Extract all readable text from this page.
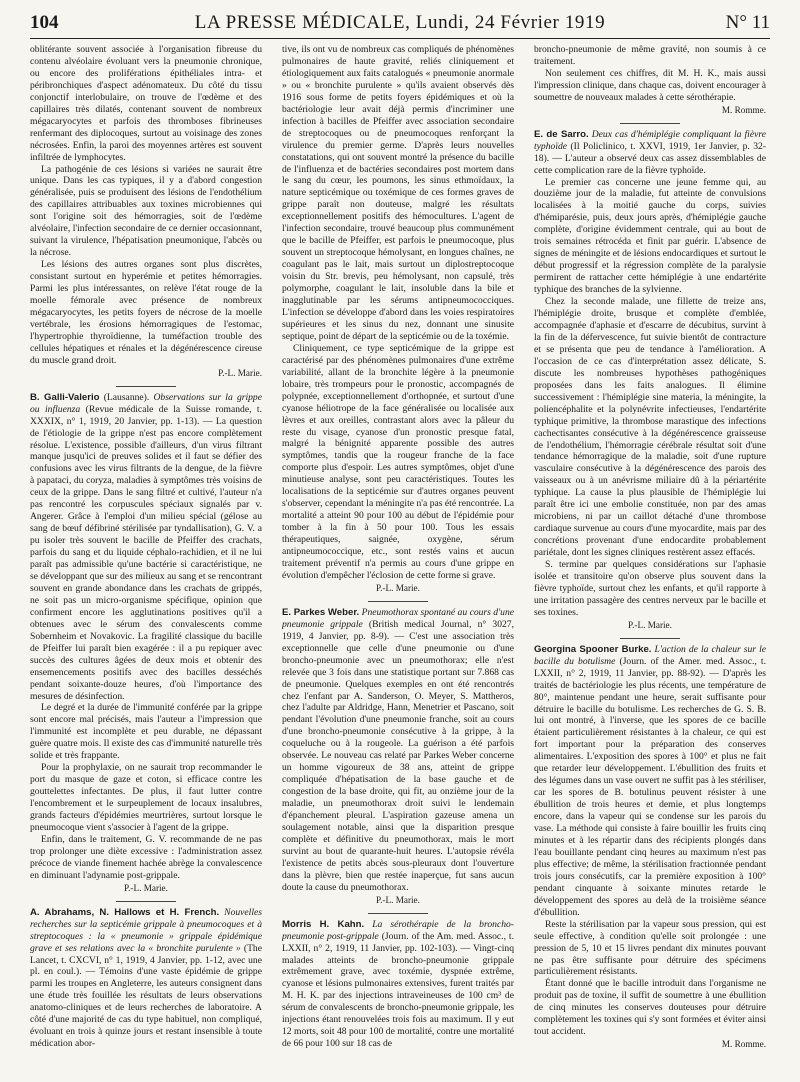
104	LA PRESSE MÉDICALE, Lundi, 24 Février 1919	N° 11

oblitérante souvent associée à l'organisation fibreuse du contenu alvéolaire évoluant vers la pneumonie chronique, ou encore des proliférations épithéliales intra- et péribronchiques d'aspect adénomateux. Du côté du tissu conjonctif interlobulaire, on trouve de l'œdème et des capillaires très dilatés, contenant souvent de nombreux mégacaryocytes et parfois des thromboses fibrineuses renfermant des diplocoques, surtout au voisinage des zones nécrosées. Enfin, la paroi des moyennes artères est souvent infiltrée de lymphocytes.

La pathogénie de ces lésions si variées ne saurait être unique. Dans les cas typiques, il y a d'abord congestion généralisée, puis se produisent des lésions de l'endothélium des capillaires attribuables aux toxines microbiennes qui sont l'origine soit des hémorragies, soit de l'œdème alvéolaire, l'infection secondaire de ce dernier occasionnant, suivant la virulence, l'hépatisation pneumonique, l'abcès ou la nécrose.

Les lésions des autres organes sont plus discrètes, consistant surtout en hyperémie et petites hémorragies. Parmi les plus intéressantes, on relève l'état rouge de la moelle fémorale avec présence de nombreux mégacaryocytes, les petits foyers de nécrose de la moelle vertébrale, les érosions hémorragiques de l'estomac, l'hypertrophie thyroïdienne, la tuméfaction trouble des cellules hépatiques et rénales et la dégénérescence cireuse du muscle grand droit.

P.-L. Marie.

B. Galli-Valerio (Lausanne). Observations sur la grippe ou influenza (Revue médicale de la Suisse romande, t. XXXIX, n° 1, 1919, 20 Janvier, pp. 1-13). — La question de l'étiologie de la grippe n'est pas encore complètement résolue. L'existence, possible d'ailleurs, d'un virus filtrant manque jusqu'ici de preuves solides et il faut se défier des confusions avec les virus filtrants de la dengue, de la fièvre à papataci, du coryza, maladies à symptômes très voisins de ceux de la grippe. Dans le sang filtré et cultivé, l'auteur n'a pas rencontré les corpuscules spéciaux signalés par v. Angerer. Grâce à l'emploi d'un milieu spécial (gélose au sang de bœuf défibriné stérilisée par tyndallisation), G. V. a pu isoler très souvent le bacille de Pfeiffer des crachats, parfois du sang et du liquide céphalo-rachidien, et il ne lui paraît pas admissible qu'une bactérie si caractéristique, ne se développant que sur des milieux au sang et se rencontrant souvent en grande abondance dans les crachats de grippés, ne soit pas un micro-organisme spécifique, opinion que confirment encore les agglutinations positives qu'il a obtenues avec le sérum des convalescents comme Sobernheim et Novakovic. La fragilité classique du bacille de Pfeiffer lui paraît bien exagérée : il a pu repiquer avec succès des cultures âgées de deux mois et obtenir des ensemencements positifs avec des bacilles desséchés pendant soixante-douze heures, d'où l'importance des mesures de désinfection.

Le degré et la durée de l'immunité conférée par la grippe sont encore mal précisés, mais l'auteur a l'impression que l'immunité est incomplète et peu durable, ne dépassant guère quatre mois. Il existe des cas d'immunité naturelle très solide et très frappante.

Pour la prophylaxie, on ne saurait trop recommander le port du masque de gaze et coton, si efficace contre les gouttelettes infectantes. De plus, il faut lutter contre l'encombrement et le surpeuplement de locaux insalubres, grands facteurs d'épidémies meurtrières, surtout lorsque le pneumocoque vient s'associer à l'agent de la grippe.

Enfin, dans le traitement, G. V. recommande de ne pas trop prolonger une diète excessive : l'administration assez précoce de viande finement hachée abrège la convalescence en diminuant l'adynamie post-grippale.

P.-L. Marie.

A. Abrahams, N. Hallows et H. French. Nouvelles recherches sur la septicémie grippale à pneumocoques et à streptocoques : la « pneumonie » grippale épidémique grave et ses relations avec la « bronchite purulente » (The Lancet, t. CXCVI, n° 1, 1919, 4 Janvier, pp. 1-12, avec une pl. en coul.). — Témoins d'une vaste épidémie de grippe parmi les troupes en Angleterre, les auteurs consignent dans une étude très fouillée les résultats de leurs observations anatomo-cliniques et de leurs recherches de laboratoire. A côté d'une majorité de cas du type habituel, non compliqué, évoluant en trois à quinze jours et restant insensible à toute médication abor-

tive, ils ont vu de nombreux cas compliqués de phénomènes pulmonaires de haute gravité, reliés cliniquement et étiologiquement aux faits catalogués « pneumonie anormale » ou « bronchite purulente » qu'ils avaient observés dès 1916 sous forme de petits foyers épidémiques et où la bactériologie leur avait déjà permis d'incriminer une infection à bacilles de Pfeiffer avec association secondaire de streptocoques ou de pneumocoques renforçant la virulence du premier germe. D'après leurs nouvelles constatations, qui ont souvent montré la présence du bacille de l'influenza et de bactéries secondaires post mortem dans le sang du cœur, les poumons, les sinus ethmoïdaux, la nature septicémique ou toxémique de ces formes graves de grippe paraît non douteuse, malgré les résultats exceptionnellement positifs des hémocultures. L'agent de l'infection secondaire, trouvé beaucoup plus communément que le bacille de Pfeiffer, est parfois le pneumocoque, plus souvent un streptocoque hémolysant, en longues chaînes, ne coagulant pas le lait, mais surtout un diplostreptocoque voisin du Str. brevis, peu hémolysant, non capsulé, très polymorphe, coagulant le lait, insoluble dans la bile et inagglutinable par les sérums antipneumococciques. L'infection se développe d'abord dans les voies respiratoires supérieures et les sinus du nez, donnant une sinusite septique, point de départ de la septicémie ou de la toxémie.

Cliniquement, ce type septicémique de la grippe est caractérisé par des phénomènes pulmonaires d'une extrême variabilité, allant de la bronchite légère à la pneumonie lobaire, très trompeurs pour le pronostic, accompagnés de polypnée, exceptionnellement d'orthopnée, et surtout d'une cyanose héliotrope de la face généralisée ou localisée aux lèvres et aux oreilles, contrastant alors avec la pâleur du reste du visage, cyanose d'un pronostic presque fatal, malgré la bénignité apparente possible des autres symptômes, tandis que la rougeur franche de la face comporte plus d'espoir. Les autres symptômes, objet d'une minutieuse analyse, sont peu caractéristiques. Toutes les localisations de la septicémie sur d'autres organes peuvent s'observer, cependant la méningite n'a pas été rencontrée. La mortalité a atteint 90 pour 100 au début de l'épidémie pour tomber à la fin à 50 pour 100. Tous les essais thérapeutiques, saignée, oxygène, sérum antipneumococcique, etc., sont restés vains et aucun traitement préventif n'a permis au cours d'une grippe en évolution d'empêcher l'éclosion de cette forme si grave.

P.-L. Marie.

E. Parkes Weber. Pneumothorax spontané au cours d'une pneumonie grippale (British medical Journal, n° 3027, 1919, 4 Janvier, pp. 8-9). — C'est une association très exceptionnelle que celle d'une pneumonie ou d'une broncho-pneumonie avec un pneumothorax; elle n'est relevée que 3 fois dans une statistique portant sur 7.868 cas de pneumonie. Quelques exemples en ont été rencontrés chez l'enfant par A. Sanderson, O. Meyer, S. Mattheros, chez l'adulte par Aldridge, Hann, Menetrier et Pascano, soit pendant l'évolution d'une pneumonie franche, soit au cours d'une broncho-pneumonie consécutive à la grippe, à la coqueluche ou à la rougeole. La guérison a été parfois observée. Le nouveau cas relaté par Parkes Weber concerne un homme vigoureux de 38 ans, atteint de grippe compliquée d'hépatisation de la base gauche et de congestion de la base droite, qui fit, au onzième jour de la maladie, un pneumothorax droit suivi le lendemain d'épanchement pleural. L'aspiration gazeuse amena un soulagement notable, ainsi que la disparition presque complète et définitive du pneumothorax, mais le mort survint au bout de quarante-huit heures. L'autopsie révéla l'existence de petits abcès sous-pleuraux dont l'ouverture dans la plèvre, bien que restée inaperçue, fut sans aucun doute la cause du pneumothorax.

P.-L. Marie.

Morris H. Kahn. La sérothérapie de la broncho-pneumonie post-grippale (Journ. of the Am. med. Assoc., t. LXXII, n° 2, 1919, 11 Janvier, pp. 102-103). — Vingt-cinq malades atteints de broncho-pneumonie grippale extrêmement grave, avec toxémie, dyspnée extrême, cyanose et lésions pulmonaires extensives, furent traités par M. H. K. par des injections intraveineuses de 100 cm³ de sérum de convalescents de broncho-pneumonie grippale, les injections étant renouvelées trois fois au maximum. Il y eut 12 morts, soit 48 pour 100 de mortalité, contre une mortalité de 66 pour 100 sur 18 cas de

broncho-pneumonie de même gravité, non soumis à ce traitement.

Non seulement ces chiffres, dit M. H. K., mais aussi l'impression clinique, dans chaque cas, doivent encourager à soumettre de nouveaux malades à cette sérothérapie.

M. Romme.

E. de Sarro. Deux cas d'hémiplégie compliquant la fièvre typhoïde (Il Policlinico, t. XXVI, 1919, 1er Janvier, p. 32-18). — L'auteur a observé deux cas assez dissemblables de cette complication rare de la fièvre typhoïde.

Le premier cas concerne une jeune femme qui, au douzième jour de la maladie, fut atteinte de convulsions localisées à la moitié gauche du corps, suivies d'hémiparésie, puis, deux jours après, d'hémiplégie gauche complète, d'origine évidemment centrale, qui au bout de trois semaines rétrocéda et finit par guérir. L'absence de signes de méningite et de lésions endocardiques et surtout le début progressif et la régression complète de la paralysie permirent de rattacher cette hémiplégie à une endartérite typhique des branches de la sylvienne.

Chez la seconde malade, une fillette de treize ans, l'hémiplégie droite, brusque et complète d'emblée, accompagnée d'aphasie et d'escarre de décubitus, survint à la fin de la défervescence, fut suivie bientôt de contracture et se présenta que peu de tendance à l'amélioration. A l'occasion de ce cas d'interprétation assez délicate, S. discute les nombreuses hypothèses pathogéniques proposées dans les faits analogues. Il élimine successivement : l'hémiplégie sine materia, la méningite, la poliencéphalite et la polynévrite infectieuses, l'endartérite typhique primitive, la thrombose marastique des infections cachectisantes consécutive à la dégénérescence graisseuse de l'endothélium, l'hémorragie cérébrale résultat soit d'une tendance hémorragique de la maladie, soit d'une rupture vasculaire consécutive à la dégénérescence des parois des vaisseaux ou à un anévrisme miliaire dû à la périartérite typhique. La cause la plus plausible de l'hémiplégie lui paraît être ici une embolie constituée, non par des amas microbiens, ni par un caillot détaché d'une thrombose cardiaque survenue au cours d'une myocardite, mais par des concrétions provenant d'une endocardite probablement pariétale, dont les signes cliniques restèrent assez effacés.

S. termine par quelques considérations sur l'aphasie isolée et transitoire qu'on observe plus souvent dans la fièvre typhoïde, surtout chez les enfants, et qu'il rapporte à une irritation passagère des centres nerveux par le bacille et ses toxines.

P.-L. Marie.

Georgina Spooner Burke. L'action de la chaleur sur le bacille du botulisme (Journ. of the Amer. med. Assoc., t. LXXII, n° 2, 1919, 11 Janvier, pp. 88-92). — D'après les traités de bactériologie les plus récents, une température de 80°, maintenue pendant une heure, serait suffisante pour détruire le bacille du botulisme. Les recherches de G. S. B. lui ont montré, à l'inverse, que les spores de ce bacille étaient particulièrement résistantes à la chaleur, ce qui est fort important pour la préparation des conserves alimentaires. L'exposition des spores à 100° et plus ne fait que retarder leur développement. L'ébullition des fruits et des légumes dans un vase ouvert ne suffit pas à les stériliser, car les spores de B. botulinus peuvent résister à une ébullition de trois heures et demie, et plus longtemps encore, dans la vapeur qui se condense sur les parois du vase. La méthode qui consiste à faire bouillir les fruits cinq minutes et à les répartir dans des récipients plongés dans l'eau bouillante pendant cinq heures au maximum n'est pas plus effective; de même, la stérilisation fractionnée pendant trois jours consécutifs, car la première exposition à 100° pendant cinquante à soixante minutes retarde le développement des spores au delà de la troisième séance d'ébullition.

Reste la stérilisation par la vapeur sous pression, qui est seule effective, à condition qu'elle soit prolongée : une pression de 5, 10 et 15 livres pendant dix minutes pouvant ne pas être suffisante pour détruire des spécimens particulièrement résistants.

Étant donné que le bacille introduit dans l'organisme ne produit pas de toxine, il suffit de soumettre à une ébullition de cinq minutes les conserves douteuses pour détruire complètement les toxines qui s'y sont formées et éviter ainsi tout accident.

M. Romme.
